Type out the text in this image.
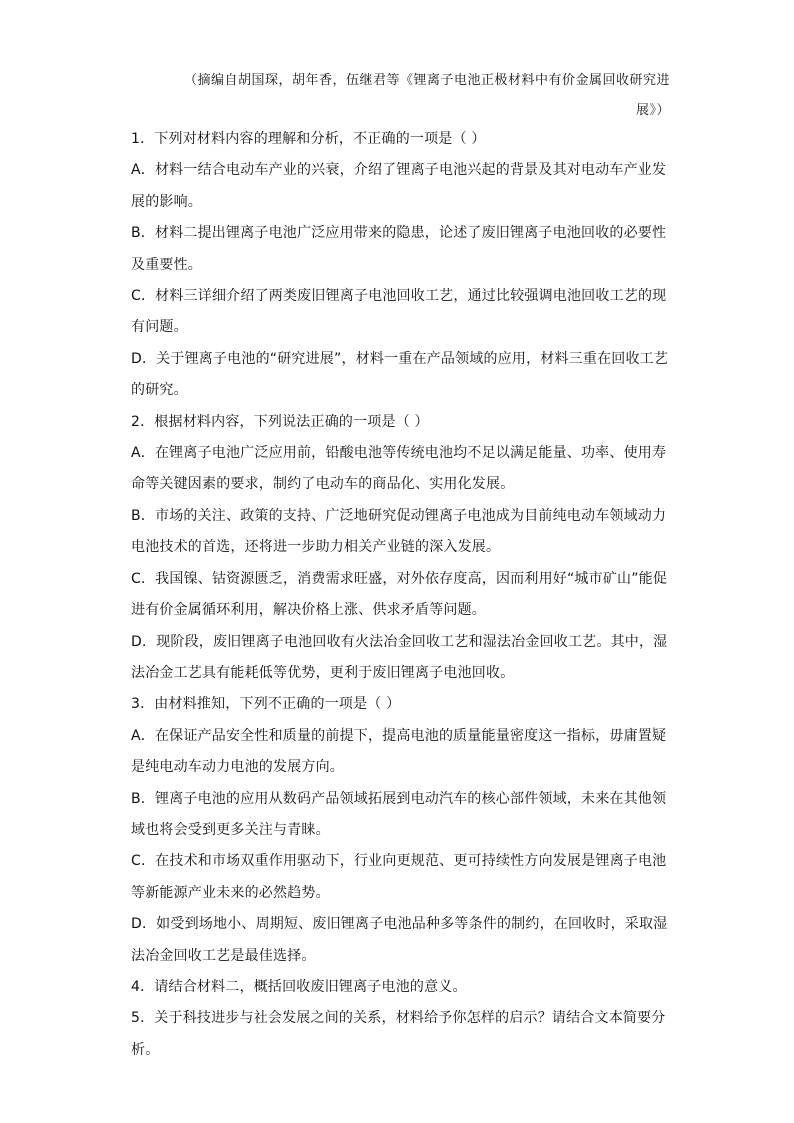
（摘编自胡国琛，胡年香，伍继君等《锂离子电池正极材料中有价金属回收研究进
展》）
1．下列对材料内容的理解和分析，不正确的一项是（ ）
A．材料一结合电动车产业的兴衰，介绍了锂离子电池兴起的背景及其对电动车产业发
展的影响。
B．材料二提出锂离子电池广泛应用带来的隐患，论述了废旧锂离子电池回收的必要性
及重要性。
C．材料三详细介绍了两类废旧锂离子电池回收工艺，通过比较强调电池回收工艺的现
有问题。
D．关于锂离子电池的“研究进展”，材料一重在产品领域的应用，材料三重在回收工艺
的研究。
2．根据材料内容，下列说法正确的一项是（ ）
A．在锂离子电池广泛应用前，铅酸电池等传统电池均不足以满足能量、功率、使用寿
命等关键因素的要求，制约了电动车的商品化、实用化发展。
B．市场的关注、政策的支持、广泛地研究促动锂离子电池成为目前纯电动车领域动力
电池技术的首选，还将进一步助力相关产业链的深入发展。
C．我国镍、钴资源匮乏，消费需求旺盛，对外依存度高，因而利用好“城市矿山”能促
进有价金属循环利用，解决价格上涨、供求矛盾等问题。
D．现阶段，废旧锂离子电池回收有火法冶金回收工艺和湿法冶金回收工艺。其中，湿
法冶金工艺具有能耗低等优势，更利于废旧锂离子电池回收。
3．由材料推知，下列不正确的一项是（ ）
A．在保证产品安全性和质量的前提下，提高电池的质量能量密度这一指标，毋庸置疑
是纯电动车动力电池的发展方向。
B．锂离子电池的应用从数码产品领域拓展到电动汽车的核心部件领域，未来在其他领
域也将会受到更多关注与青睐。
C．在技术和市场双重作用驱动下，行业向更规范、更可持续性方向发展是锂离子电池
等新能源产业未来的必然趋势。
D．如受到场地小、周期短、废旧锂离子电池品种多等条件的制约，在回收时，采取湿
法冶金回收工艺是最佳选择。
4．请结合材料二，概括回收废旧锂离子电池的意义。
5．关于科技进步与社会发展之间的关系，材料给予你怎样的启示？请结合文本简要分
析。
